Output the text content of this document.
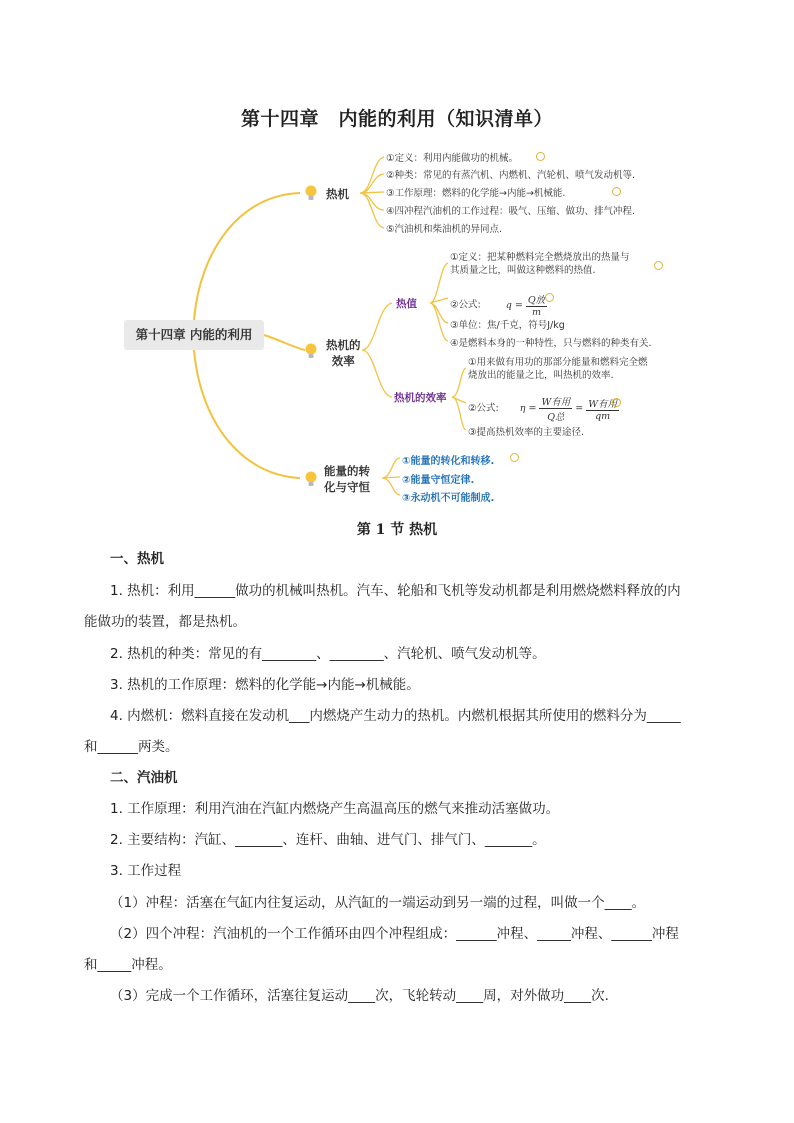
第十四章　内能的利用（知识清单）
第十四章 内能的利用
热机
热机的
效率
能量的转
化与守恒
①定义：利用内能做功的机械。
②种类：常见的有蒸汽机、内燃机、汽轮机、喷气发动机等.
③工作原理：燃料的化学能→内能→机械能.
④四冲程汽油机的工作过程：吸气、压缩、做功、排气冲程.
⑤汽油机和柴油机的异同点.
热值
热机的效率
①定义：把某种燃料完全燃烧放出的热量与
其质量之比，叫做这种燃料的热值.
②公式:	$q = \frac{\text{Q放}}{m}$
③单位：焦/千克，符号J/kg
④是燃料本身的一种特性，只与燃料的种类有关.
①用来做有用功的那部分能量和燃料完全燃
烧放出的能量之比，叫热机的效率.
②公式: $\eta = \frac{\text{W有用}}{\text{Q总}} = \frac{\text{W有用}}{qm}$
③提高热机效率的主要途径.
①能量的转化和转移.
②能量守恒定律.
③永动机不可能制成.
第 1 节 热机
一、热机
1. 热机：利用______做功的机械叫热机。汽车、轮船和飞机等发动机都是利用燃烧燃料释放的内
能做功的装置，都是热机。
2. 热机的种类：常见的有________、________、汽轮机、喷气发动机等。
3. 热机的工作原理：燃料的化学能→内能→机械能。
4. 内燃机：燃料直接在发动机___内燃烧产生动力的热机。内燃机根据其所使用的燃料分为_____
和______两类。
二、汽油机
1. 工作原理：利用汽油在汽缸内燃烧产生高温高压的燃气来推动活塞做功。
2. 主要结构：汽缸、_______、连杆、曲轴、进气门、排气门、_______。
3. 工作过程
（1）冲程：活塞在气缸内往复运动，从汽缸的一端运动到另一端的过程，叫做一个____。
（2）四个冲程：汽油机的一个工作循环由四个冲程组成：______冲程、_____冲程、______冲程
和_____冲程。
（3）完成一个工作循环，活塞往复运动____次，飞轮转动____周，对外做功____次.
